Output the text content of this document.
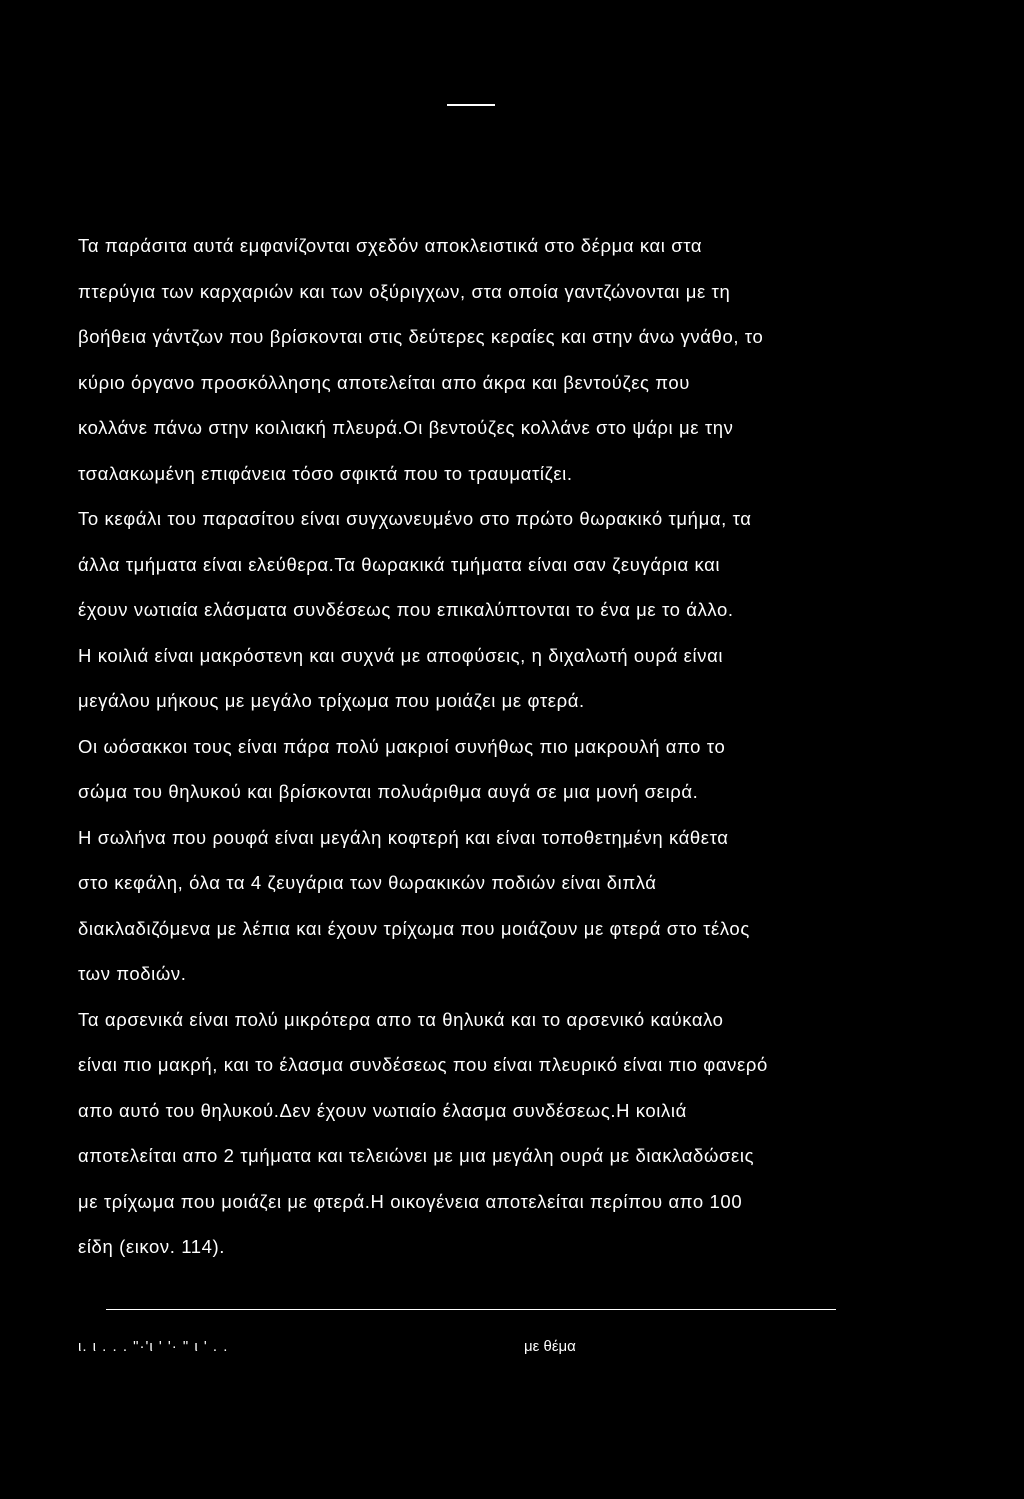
Τα παράσιτα αυτά εμφανίζονται σχεδόν αποκλειστικά στο δέρμα και στα
πτερύγια των καρχαριών και των οξύριγχων, στα οποία γαντζώνονται με τη
βοήθεια γάντζων που βρίσκονται στις δεύτερες κεραίες και στην άνω γνάθο, το
κύριο όργανο προσκόλλησης αποτελείται απο άκρα και βεντούζες που
κολλάνε πάνω στην κοιλιακή πλευρά.Οι βεντούζες κολλάνε στο ψάρι με την
τσαλακωμένη επιφάνεια τόσο σφικτά που το τραυματίζει.
Το κεφάλι του παρασίτου είναι συγχωνευμένο στο πρώτο θωρακικό τμήμα, τα
άλλα τμήματα είναι ελεύθερα.Τα θωρακικά τμήματα είναι σαν ζευγάρια και
έχουν νωτιαία ελάσματα συνδέσεως που επικαλύπτονται το ένα με το άλλο.
Η κοιλιά είναι μακρόστενη και συχνά με αποφύσεις, η διχαλωτή ουρά είναι
μεγάλου μήκους με μεγάλο τρίχωμα που μοιάζει με φτερά.
Οι ωόσακκοι τους είναι πάρα πολύ μακριοί συνήθως πιο μακρουλή απο το
σώμα του θηλυκού και βρίσκονται πολυάριθμα αυγά σε μια μονή σειρά.
Η σωλήνα που ρουφά είναι μεγάλη κοφτερή και είναι τοποθετημένη κάθετα
στο κεφάλη, όλα τα 4 ζευγάρια των θωρακικών ποδιών είναι διπλά
διακλαδιζόμενα με λέπια και έχουν τρίχωμα που μοιάζουν με φτερά στο τέλος
των ποδιών.
Τα αρσενικά είναι πολύ μικρότερα απο τα θηλυκά και το αρσενικό καύκαλο
είναι πιο μακρή, και το έλασμα συνδέσεως που είναι πλευρικό είναι πιο φανερό
απο αυτό του θηλυκού.Δεν έχουν νωτιαίο έλασμα συνδέσεως.Η κοιλιά
αποτελείται απο 2 τμήματα και τελειώνει με μια μεγάλη ουρά με διακλαδώσεις
με τρίχωμα που μοιάζει με φτερά.Η οικογένεια αποτελείται περίπου απο 100
είδη (εικον. 114).
ι. ι . . . "·'ι ' '· " ι ' . .	με θέμα
